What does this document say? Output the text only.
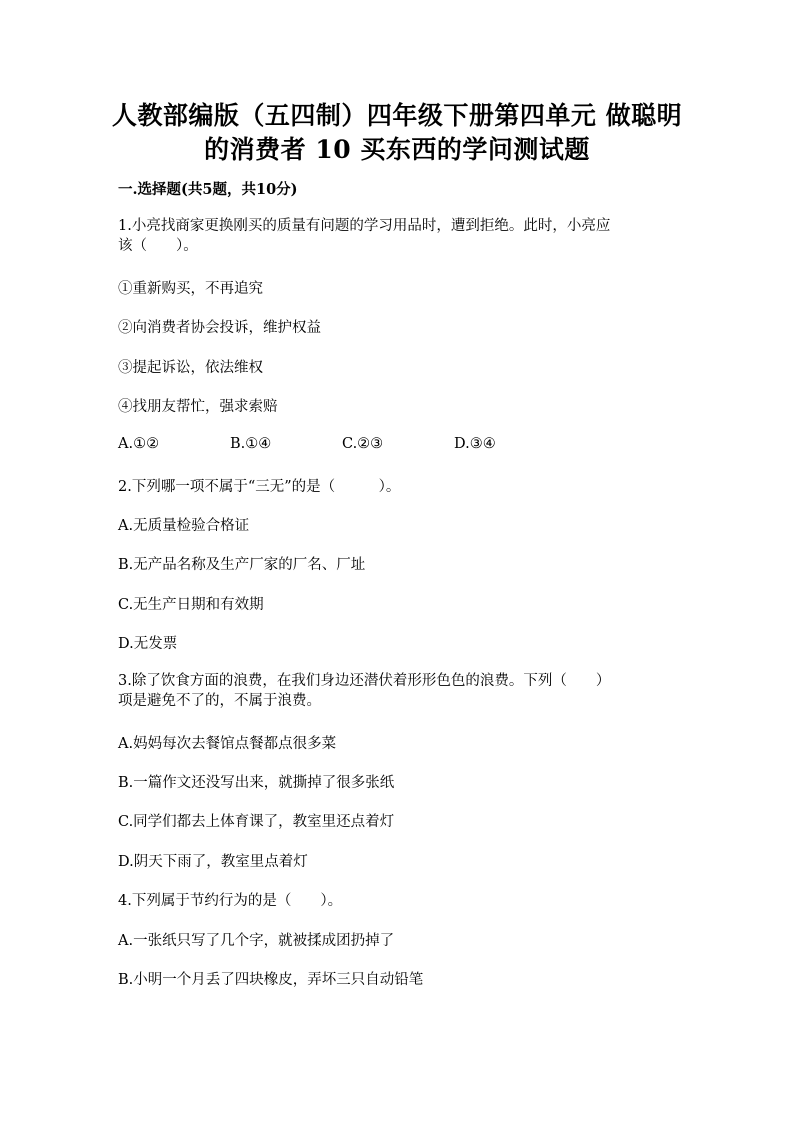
人教部编版（五四制）四年级下册第四单元 做聪明
的消费者 10 买东西的学问测试题
一.选择题(共5题，共10分)
1.小亮找商家更换刚买的质量有问题的学习用品时，遭到拒绝。此时，小亮应
该（　　）。
①重新购买，不再追究
②向消费者协会投诉，维护权益
③提起诉讼，依法维权
④找朋友帮忙，强求索赔
A.①②	B.①④	C.②③	D.③④
2.下列哪一项不属于“三无”的是（　　　）。
A.无质量检验合格证
B.无产品名称及生产厂家的厂名、厂址
C.无生产日期和有效期
D.无发票
3.除了饮食方面的浪费，在我们身边还潜伏着形形色色的浪费。下列（　　）
项是避免不了的，不属于浪费。
A.妈妈每次去餐馆点餐都点很多菜
B.一篇作文还没写出来，就撕掉了很多张纸
C.同学们都去上体育课了，教室里还点着灯
D.阴天下雨了，教室里点着灯
4.下列属于节约行为的是（　　）。
A.一张纸只写了几个字，就被揉成团扔掉了
B.小明一个月丢了四块橡皮，弄坏三只自动铅笔
